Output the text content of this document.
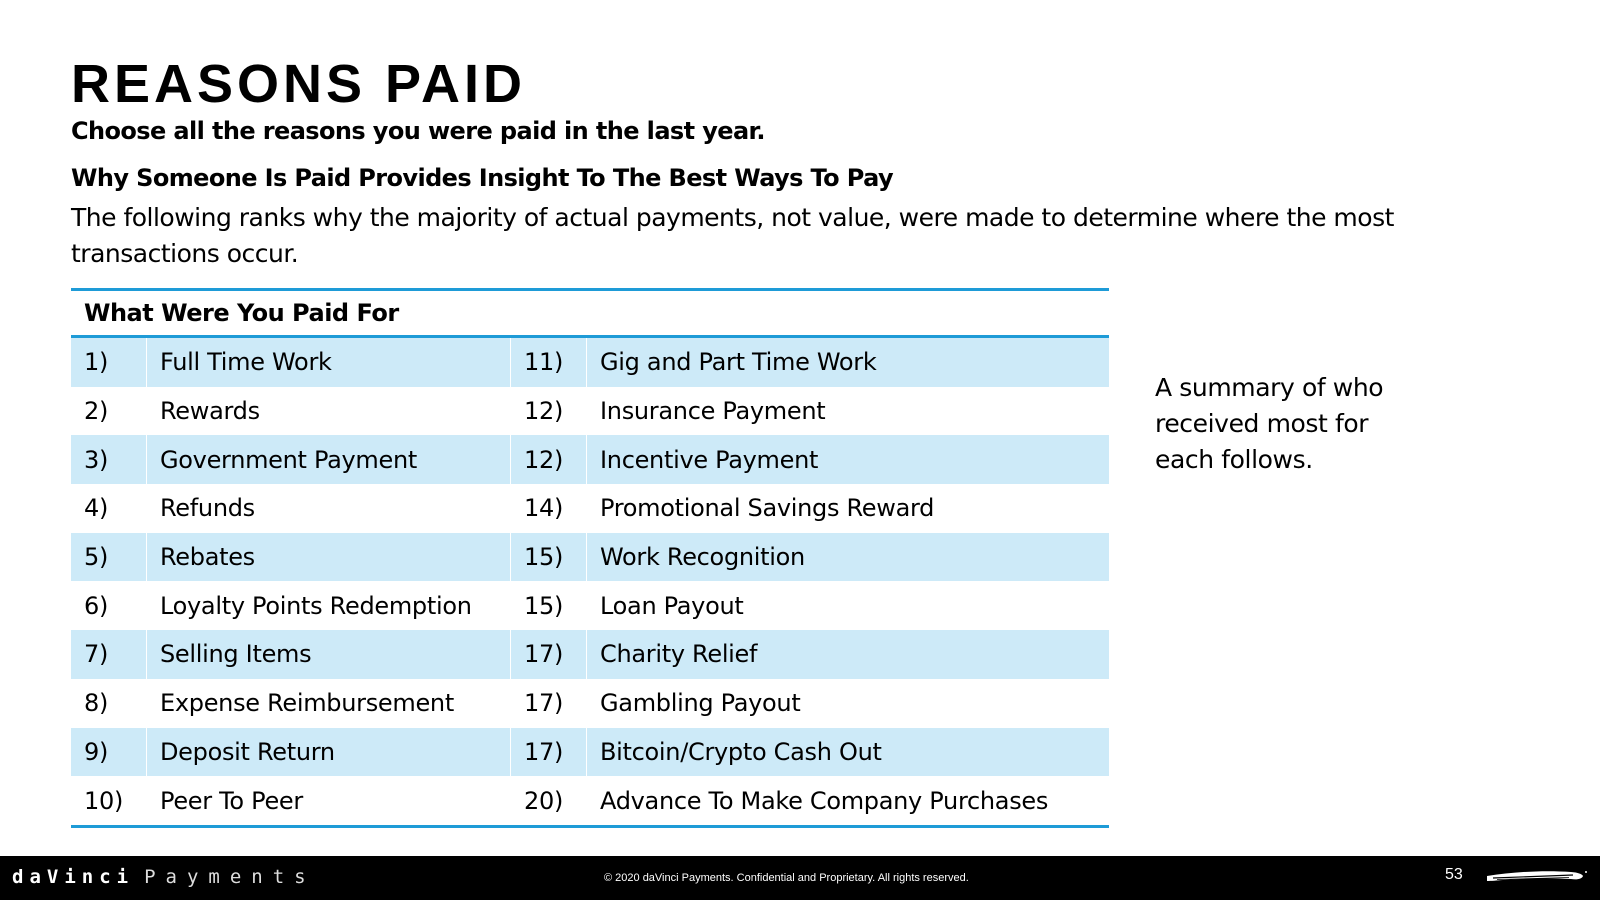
REASONS PAID
Choose all the reasons you were paid in the last year.
Why Someone Is Paid Provides Insight To The Best Ways To Pay
The following ranks why the majority of actual payments, not value, were made to determine where the most transactions occur.
What Were You Paid For
1)	Full Time Work	11)	Gig and Part Time Work
2)	Rewards	12)	Insurance Payment
3)	Government Payment	12)	Incentive Payment
4)	Refunds	14)	Promotional Savings Reward
5)	Rebates	15)	Work Recognition
6)	Loyalty Points Redemption	15)	Loan Payout
7)	Selling Items	17)	Charity Relief
8)	Expense Reimbursement	17)	Gambling Payout
9)	Deposit Return	17)	Bitcoin/Crypto Cash Out
10)	Peer To Peer	20)	Advance To Make Company Purchases
A summary of who received most for each follows.
daVinci Payments	© 2020 daVinci Payments. Confidential and Proprietary. All rights reserved.	53
